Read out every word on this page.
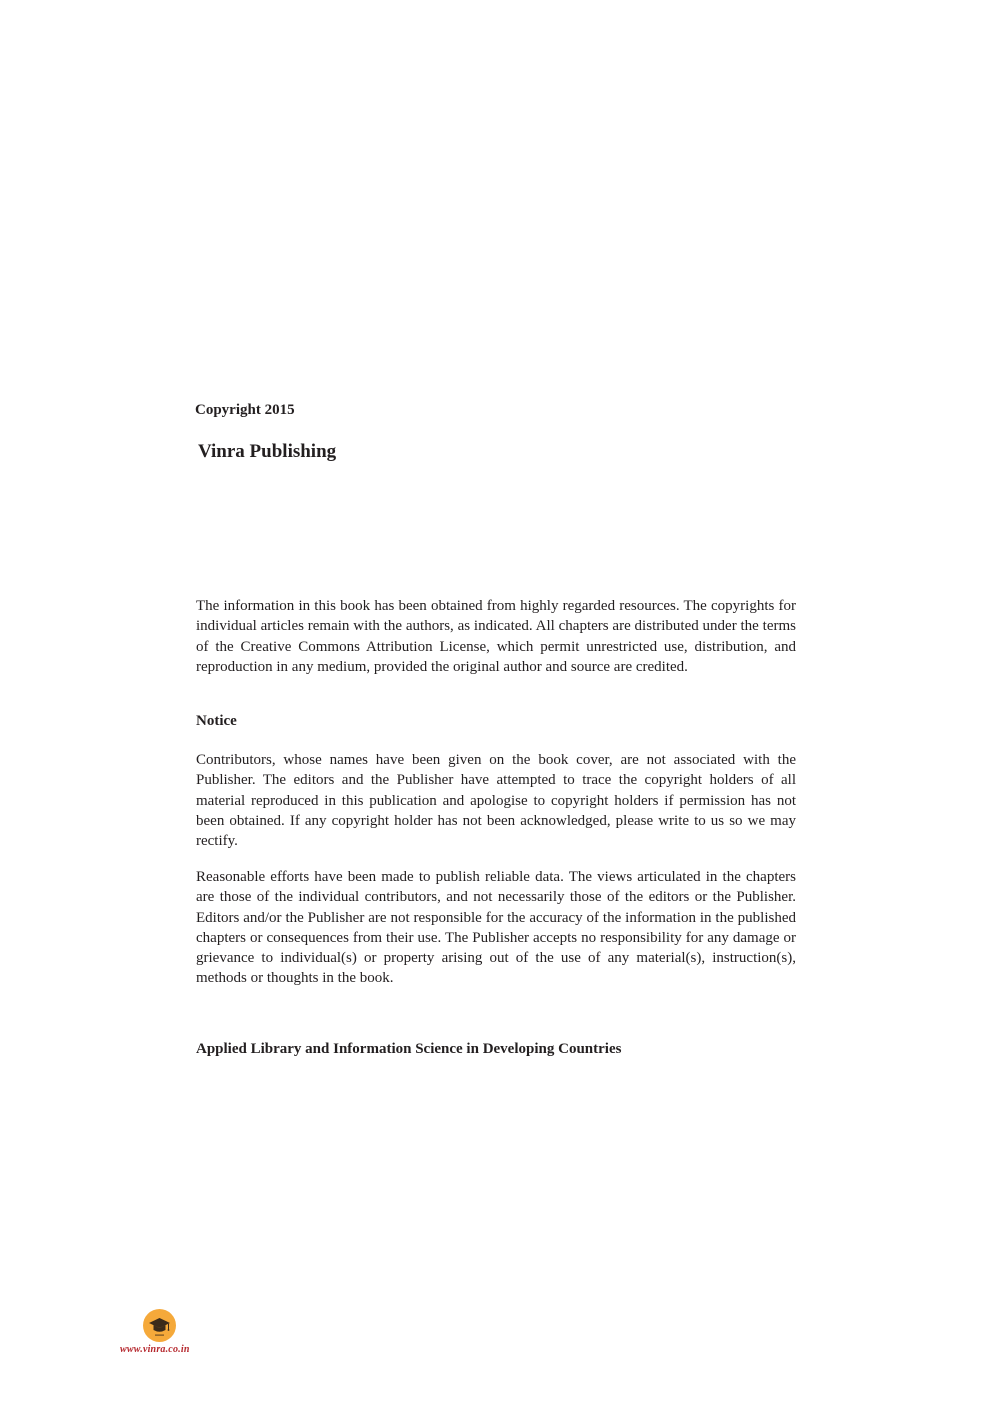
Copyright 2015

Vinra Publishing

The information in this book has been obtained from highly regarded resources. The copyrights for individual articles remain with the authors, as indicated. All chapters are distributed under the terms of the Creative Commons Attribution License, which permit unrestricted use, distribution, and reproduction in any medium, provided the original author and source are credited.

Notice

Contributors, whose names have been given on the book cover, are not associated with the Publisher. The editors and the Publisher have attempted to trace the copyright holders of all material reproduced in this publication and apologise to copyright holders if permission has not been obtained. If any copyright holder has not been acknowledged, please write to us so we may rectify.

Reasonable efforts have been made to publish reliable data. The views articulated in the chapters are those of the individual contributors, and not necessarily those of the editors or the Publisher. Editors and/or the Publisher are not responsible for the accuracy of the information in the published chapters or consequences from their use. The Publisher accepts no responsibility for any damage or grievance to individual(s) or property arising out of the use of any material(s), instruction(s), methods or thoughts in the book.

Applied Library and Information Science in Developing Countries

www.vinra.co.in
